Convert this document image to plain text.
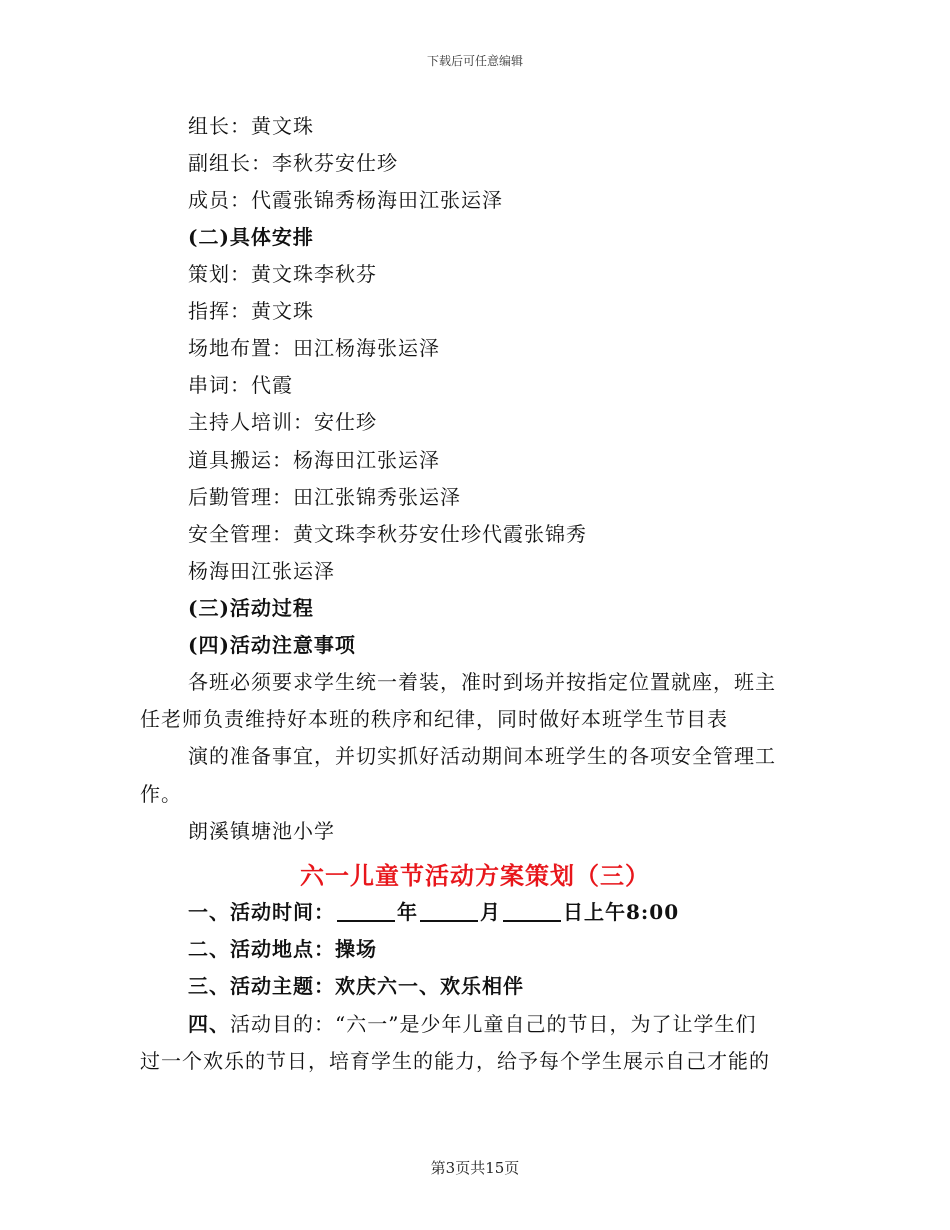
下载后可任意编辑
组长：黄文珠
副组长：李秋芬安仕珍
成员：代霞张锦秀杨海田江张运泽
(二)具体安排
策划：黄文珠李秋芬
指挥：黄文珠
场地布置：田江杨海张运泽
串词：代霞
主持人培训：安仕珍
道具搬运：杨海田江张运泽
后勤管理：田江张锦秀张运泽
安全管理：黄文珠李秋芬安仕珍代霞张锦秀
杨海田江张运泽
(三)活动过程
(四)活动注意事项
各班必须要求学生统一着装，准时到场并按指定位置就座，班主
任老师负责维持好本班的秩序和纪律，同时做好本班学生节目表
演的准备事宜，并切实抓好活动期间本班学生的各项安全管理工
作。
朗溪镇塘池小学
六一儿童节活动方案策划（三）
一、活动时间：	年	月	日上午8:00
二、活动地点：操场
三、活动主题：欢庆六一、欢乐相伴
四、活动目的：“六一”是少年儿童自己的节日，为了让学生们
过一个欢乐的节日，培育学生的能力，给予每个学生展示自己才能的
第3页共15页
